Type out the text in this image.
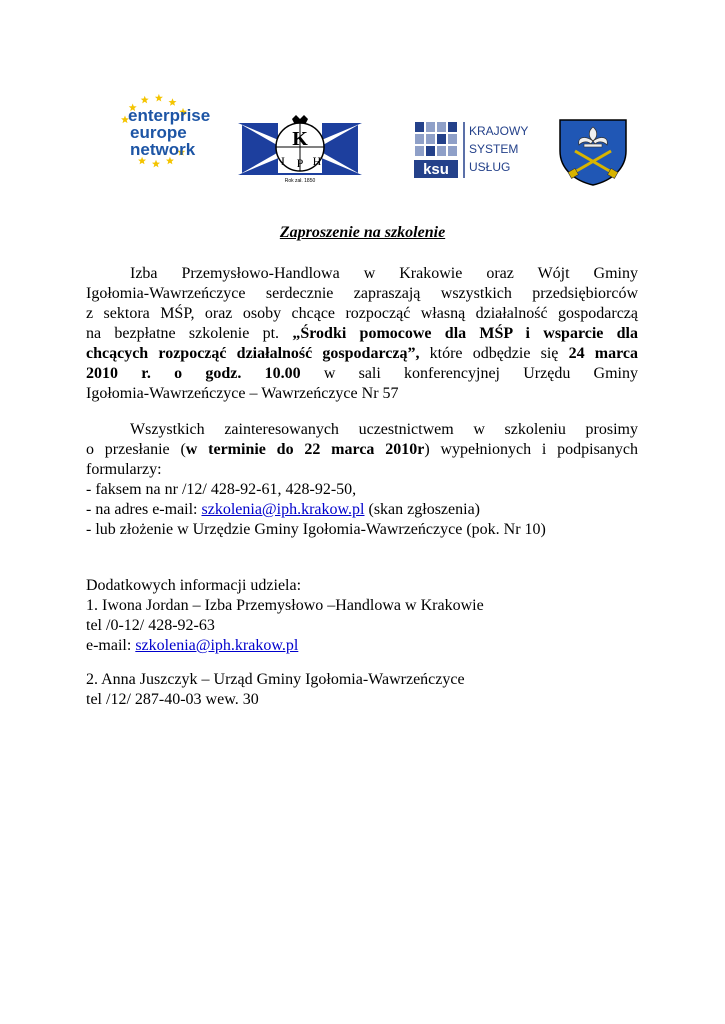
enterprise
europe
network	K
I P H
Rok zał. 1850
ksu
KRAJOWY
SYSTEM
USŁUG
Zaproszenie na szkolenie
Izba Przemysłowo-Handlowa w Krakowie oraz Wójt Gminy
Igołomia-Wawrzeńczyce serdecznie zapraszają wszystkich przedsiębiorców
z sektora MŚP, oraz osoby chcące rozpocząć własną działalność gospodarczą
na bezpłatne szkolenie pt. „Środki pomocowe dla MŚP i wsparcie dla
chcących rozpocząć działalność gospodarczą”, które odbędzie się 24 marca
2010 r. o godz. 10.00 w sali konferencyjnej Urzędu Gminy
Igołomia-Wawrzeńczyce – Wawrzeńczyce Nr 57
Wszystkich zainteresowanych uczestnictwem w szkoleniu prosimy
o przesłanie (w terminie do 22 marca 2010r) wypełnionych i podpisanych
formularzy:
- faksem na nr /12/ 428-92-61, 428-92-50,
- na adres e-mail: szkolenia@iph.krakow.pl (skan zgłoszenia)
- lub złożenie w Urzędzie Gminy Igołomia-Wawrzeńczyce (pok. Nr 10)
Dodatkowych informacji udziela:
1. Iwona Jordan – Izba Przemysłowo –Handlowa w Krakowie
tel /0-12/ 428-92-63
e-mail: szkolenia@iph.krakow.pl
2. Anna Juszczyk – Urząd Gminy Igołomia-Wawrzeńczyce
tel /12/ 287-40-03 wew. 30
